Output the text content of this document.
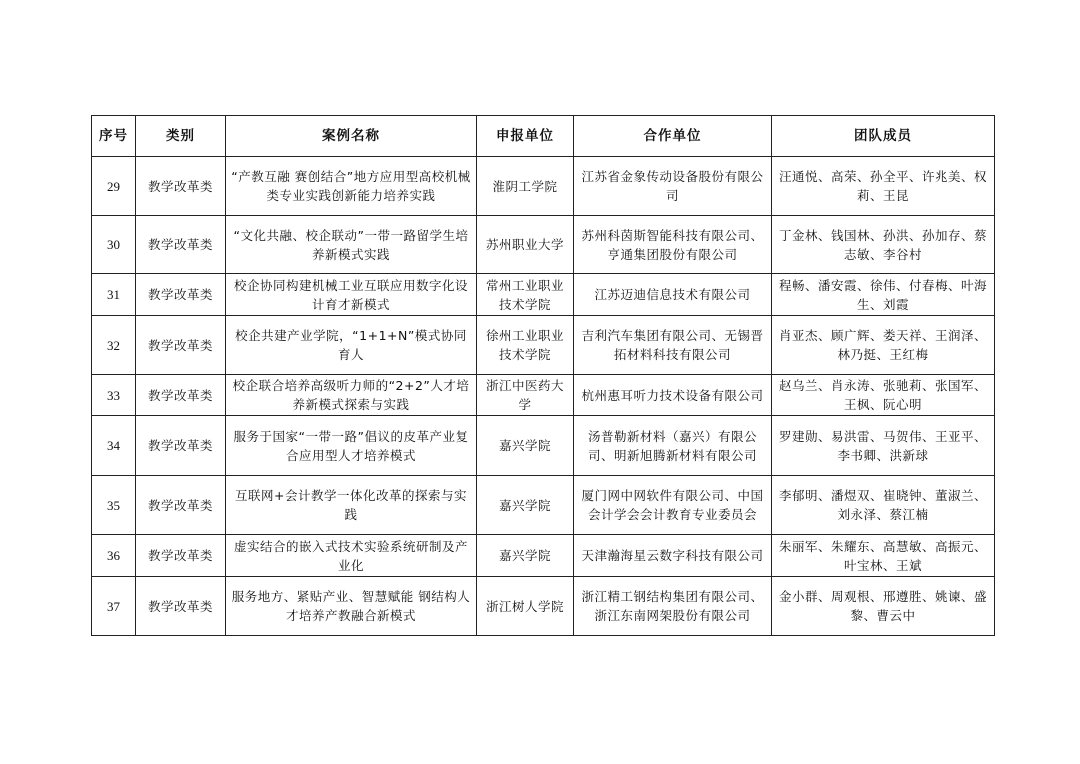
序号	类别	案例名称	申报单位	合作单位	团队成员
29	教学改革类	“产教互融 赛创结合”地方应用型高校机械类专业实践创新能力培养实践	淮阴工学院	江苏省金象传动设备股份有限公司	汪通悦、高荣、孙全平、许兆美、权莉、王昆
30	教学改革类	“文化共融、校企联动”一带一路留学生培养新模式实践	苏州职业大学	苏州科茵斯智能科技有限公司、亨通集团股份有限公司	丁金林、钱国林、孙洪、孙加存、蔡志敏、李谷村
31	教学改革类	校企协同构建机械工业互联应用数字化设计育才新模式	常州工业职业技术学院	江苏迈迪信息技术有限公司	程畅、潘安霞、徐伟、付春梅、叶海生、刘霞
32	教学改革类	校企共建产业学院，“1+1+N”模式协同育人	徐州工业职业技术学院	吉利汽车集团有限公司、无锡晋拓材料科技有限公司	肖亚杰、顾广辉、娄天祥、王润泽、林乃挺、王红梅
33	教学改革类	校企联合培养高级听力师的“2+2”人才培养新模式探索与实践	浙江中医药大学	杭州惠耳听力技术设备有限公司	赵乌兰、肖永涛、张驰莉、张国军、王枫、阮心明
34	教学改革类	服务于国家“一带一路”倡议的皮革产业复合应用型人才培养模式	嘉兴学院	汤普勒新材料（嘉兴）有限公司、明新旭腾新材料有限公司	罗建勋、易洪雷、马贺伟、王亚平、李书卿、洪新球
35	教学改革类	互联网+会计教学一体化改革的探索与实践	嘉兴学院	厦门网中网软件有限公司、中国会计学会会计教育专业委员会	李郁明、潘煜双、崔晓钟、董淑兰、刘永泽、蔡江楠
36	教学改革类	虚实结合的嵌入式技术实验系统研制及产业化	嘉兴学院	天津瀚海星云数字科技有限公司	朱丽军、朱耀东、高慧敏、高振元、叶宝林、王斌
37	教学改革类	服务地方、紧贴产业、智慧赋能 钢结构人才培养产教融合新模式	浙江树人学院	浙江精工钢结构集团有限公司、浙江东南网架股份有限公司	金小群、周观根、邢遵胜、姚谏、盛黎、曹云中
